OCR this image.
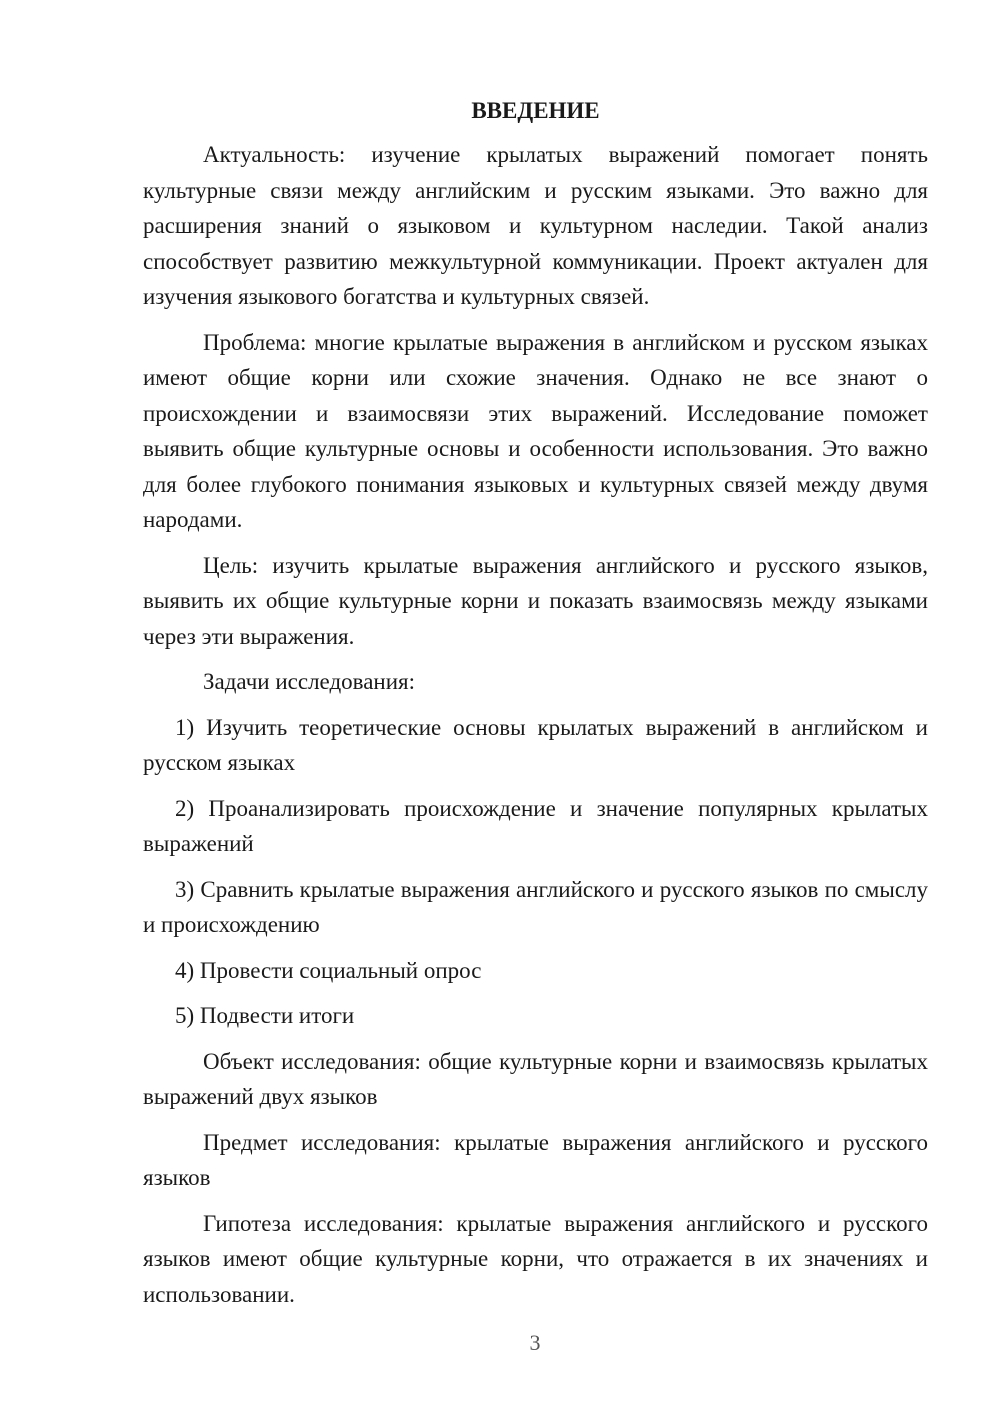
ВВЕДЕНИЕ

Актуальность: изучение крылатых выражений помогает понять культурные связи между английским и русским языками. Это важно для расширения знаний о языковом и культурном наследии. Такой анализ способствует развитию межкультурной коммуникации. Проект актуален для изучения языкового богатства и культурных связей.

Проблема: многие крылатые выражения в английском и русском языках имеют общие корни или схожие значения. Однако не все знают о происхождении и взаимосвязи этих выражений. Исследование поможет выявить общие культурные основы и особенности использования. Это важно для более глубокого понимания языковых и культурных связей между двумя народами.

Цель: изучить крылатые выражения английского и русского языков, выявить их общие культурные корни и показать взаимосвязь между языками через эти выражения.

Задачи исследования:

1) Изучить теоретические основы крылатых выражений в английском и русском языках

2) Проанализировать происхождение и значение популярных крылатых выражений

3) Сравнить крылатые выражения английского и русского языков по смыслу и происхождению

4) Провести социальный опрос

5) Подвести итоги

Объект исследования: общие культурные корни и взаимосвязь крылатых выражений двух языков

Предмет исследования: крылатые выражения английского и русского языков

Гипотеза исследования: крылатые выражения английского и русского языков имеют общие культурные корни, что отражается в их значениях и использовании.

3
